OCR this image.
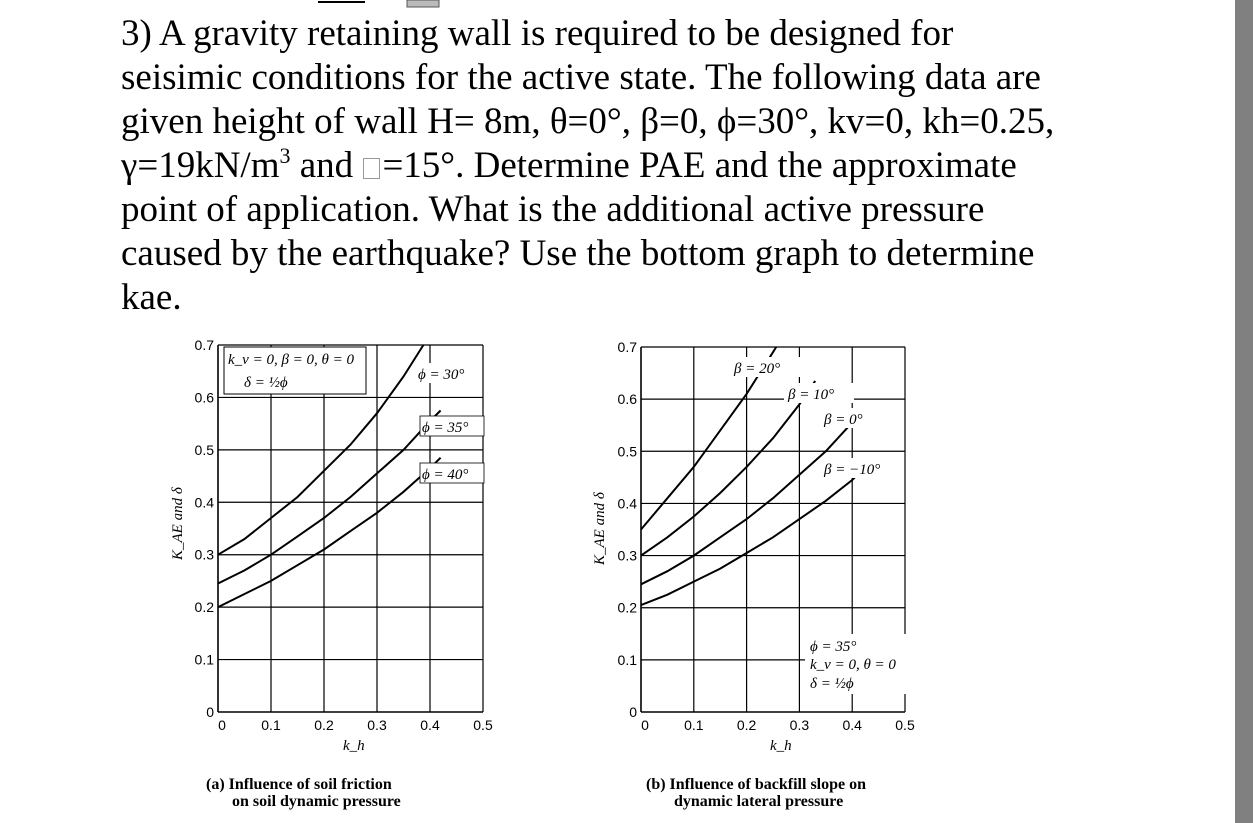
3) A gravity retaining wall is required to be designed for

seisimic conditions for the active state. The following data are

given height of wall H= 8m, θ=0°, β=0, ϕ=30°, kv=0, kh=0.25,

$\gamma=19kN/m^3$ and =15°. Determine PAE and the approximate

point of application. What is the additional active pressure

caused by the earthquake? Use the bottom graph to determine

kae.

0	0.1 0.2 0.3 0.4 0.5
0
0.1
0.2
0.3
0.4
0.5
0.6
0.7
k_v = 0, β = 0, θ = 0
δ = ½ϕ	ϕ = 30°
ϕ = 35°
ϕ = 40°
k_h
K_AE and δ
(a) Influence of soil friction
on soil dynamic pressure
0	0.1 0.2 0.3 0.4 0.5
0
0.1
0.2
0.3
0.4
0.5
0.6
0.7
β = 20°
β = 10°
β = 0°
β = −10°
ϕ = 35°
k_v = 0, θ = 0
δ = ½ϕ
k_h
K_AE and δ
(b) Influence of backfill slope on
dynamic lateral pressure
